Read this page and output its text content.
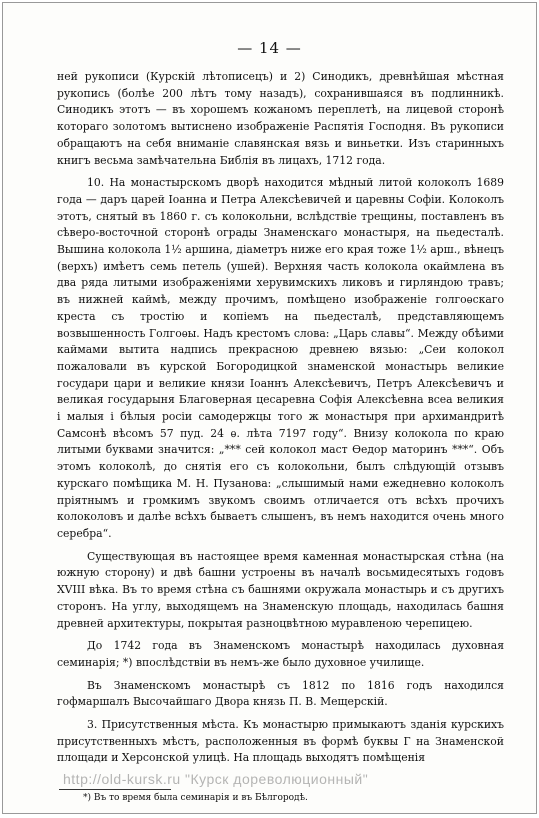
— 14 —

ней рукописи (Курскій лѣтописецъ) и 2) Синодикъ, древнѣйшая мѣстная рукопись (болѣе 200 лѣтъ тому назадъ), сохранившаяся въ подлинникѣ. Синодикъ этотъ — въ хорошемъ кожаномъ переплетѣ, на лицевой сторонѣ котораго золотомъ вытиснено изображеніе Распятія Господня. Въ рукописи обращаютъ на себя вниманіе славянская вязь и виньетки. Изъ старинныхъ книгъ весьма замѣчательна Библія въ лицахъ, 1712 года.

10. На монастырскомъ дворѣ находится мѣдный литой колоколъ 1689 года — даръ царей Іоанна и Петра Алексѣевичей и царевны Софіи. Колоколъ этотъ, снятый въ 1860 г. съ колокольни, вслѣдствіе трещины, поставленъ въ сѣверо-восточной сторонѣ ограды Знаменскаго монастыря, на пьедесталѣ. Вышина колокола 1½ аршина, діаметръ ниже его края тоже 1½ арш., вѣнецъ (верхъ) имѣетъ семь петель (ушей). Верхняя часть колокола окаймлена въ два ряда литыми изображеніями херувимскихъ ликовъ и гирляндою травъ; въ нижней каймѣ, между прочимъ, помѣщено изображеніе голгоѳскаго креста съ тростію и копіемъ на пьедесталѣ, представляющемъ возвышенность Голгоѳы. Надъ крестомъ слова: „Царь славы“. Между обѣими каймами вытита надпись прекрасною древнею вязью: „Сеи колокол пожаловали въ курской Богородицкой знаменской монастырь великие государи цари и великие князи Іоаннъ Алексѣевичъ, Петръ Алексѣевичъ и великая государыня Благоверная цесаревна Софія Алексѣевна всеа великия і малыя і бѣлыя росіи самодержцы того ж монастыря при архимандритѣ Самсонѣ вѣсомъ 57 пуд. 24 ѳ. лѣта 7197 году“. Внизу колокола по краю литыми буквами значится: „*** сей колокол маст Ѳедор маторинъ ***“. Объ этомъ колоколѣ, до снятія его съ колокольни, былъ слѣдующій отзывъ курскаго помѣщика М. Н. Пузанова: „слышимый нами ежедневно колоколъ пріятнымъ и громкимъ звукомъ своимъ отличается отъ всѣхъ прочихъ колоколовъ и далѣе всѣхъ бываетъ слышенъ, въ немъ находится очень много серебра“.

Существующая въ настоящее время каменная монастырская стѣна (на южную сторону) и двѣ башни устроены въ началѣ восьмидесятыхъ годовъ XVIII вѣка. Въ то время стѣна съ башнями окружала монастырь и съ другихъ сторонъ. На углу, выходящемъ на Знаменскую площадь, находилась башня древней архитектуры, покрытая разноцвѣтною муравленою черепицею.

До 1742 года въ Знаменскомъ монастырѣ находилась духовная семинарія; *) впослѣдствіи въ немъ-же было духовное училище.

Въ Знаменскомъ монастырѣ съ 1812 по 1816 годъ находился гофмаршалъ Высочайшаго Двора князь П. В. Мещерскій.

3. Присутственныя мѣста. Къ монастырю примыкаютъ зданія курскихъ присутственныхъ мѣстъ, расположенныя въ формѣ буквы Г на Знаменской площади и Херсонской улицѣ. На площадь выходятъ помѣщенія

http://old-kursk.ru "Курск дореволюционный"
*) Въ то время была семинарія и въ Бѣлгородѣ.
